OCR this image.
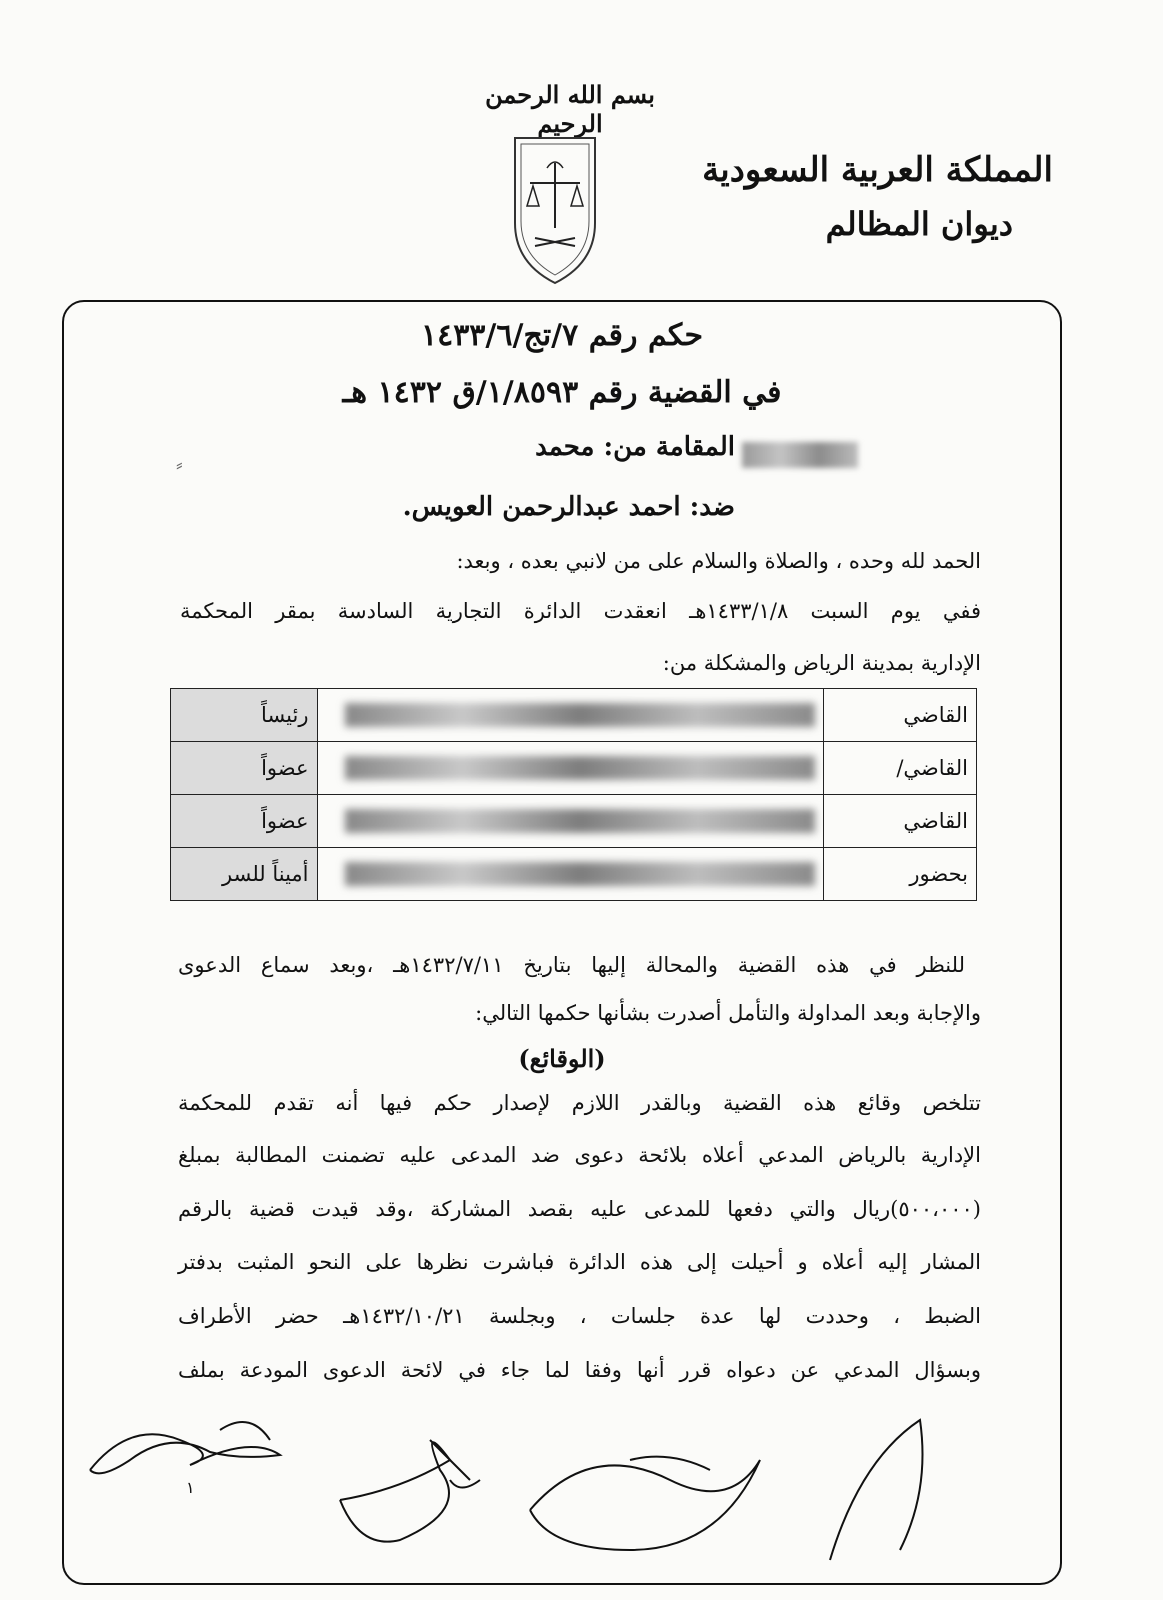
بسم الله الرحمن الرحيم
المملكة العربية السعودية
ديوان المظالم
حكم رقم ٧/تج/١٤٣٣/٦
في القضية رقم ١/٨٥٩٣/ق ١٤٣٢ هـ
المقامة من: محمد
⸗
ضد: احمد عبدالرحمن العويس.
الحمد لله وحده ، والصلاة والسلام على من لانبي بعده ، وبعد:
ففي يوم السبت ١٤٣٣/١/٨هـ انعقدت الدائرة التجارية السادسة بمقر المحكمة
الإدارية بمدينة الرياض والمشكلة من:
القاضي		رئيساً
القاضي/		عضواً
القاضي		عضواً
بحضور		أميناً للسر
للنظر في هذه القضية والمحالة إليها بتاريخ ١٤٣٢/٧/١١هـ ،وبعد سماع الدعوى
والإجابة وبعد المداولة والتأمل أصدرت بشأنها حكمها التالي:
(الوقائع)
تتلخص وقائع هذه القضية وبالقدر اللازم لإصدار حكم فيها أنه تقدم للمحكمة
الإدارية بالرياض المدعي أعلاه بلائحة دعوى ضد المدعى عليه تضمنت المطالبة بمبلغ
(٥٠٠،٠٠٠)ريال والتي دفعها للمدعى عليه بقصد المشاركة ،وقد قيدت قضية بالرقم
المشار إليه أعلاه و أحيلت إلى هذه الدائرة فباشرت نظرها على النحو المثبت بدفتر
الضبط ، وحددت لها عدة جلسات ، وبجلسة ١٤٣٢/١٠/٢١هـ حضر الأطراف
وبسؤال المدعي عن دعواه قرر أنها وفقا لما جاء في لائحة الدعوى المودعة بملف
١
